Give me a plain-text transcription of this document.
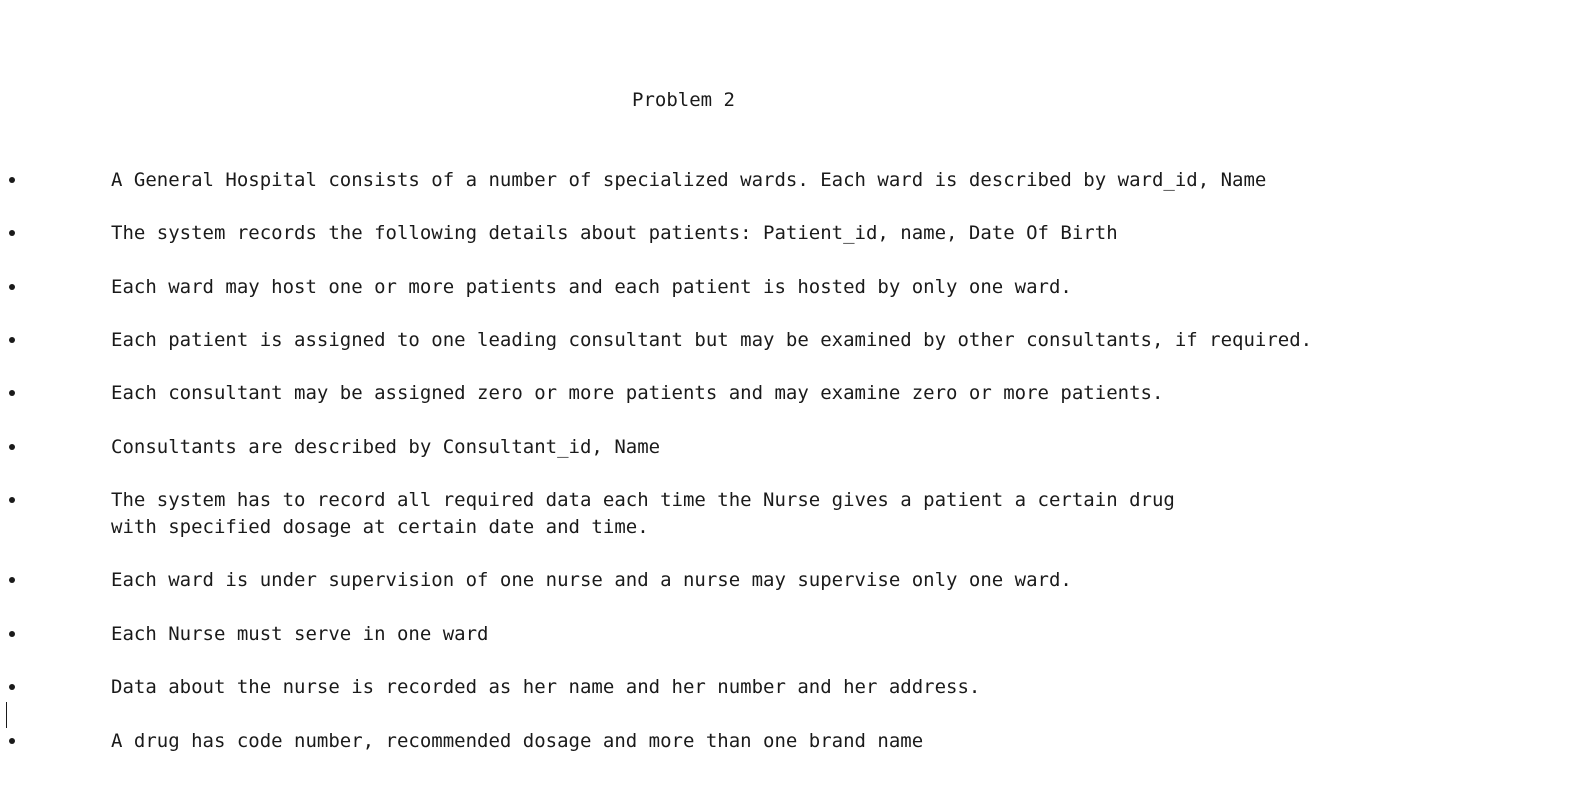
Problem 2

A General Hospital consists of a number of specialized wards. Each ward is described by ward_id, Name

The system records the following details about patients: Patient_id, name, Date Of Birth

Each ward may host one or more patients and each patient is hosted by only one ward.

Each patient is assigned to one leading consultant but may be examined by other consultants, if required.

Each consultant may be assigned zero or more patients and may examine zero or more patients.

Consultants are described by Consultant_id, Name

The system has to record all required data each time the Nurse gives a patient a certain drug
with specified dosage at certain date and time.

Each ward is under supervision of one nurse and a nurse may supervise only one ward.

Each Nurse must serve in one ward

Data about the nurse is recorded as her name and her number and her address.

A drug has code number, recommended dosage and more than one brand name
